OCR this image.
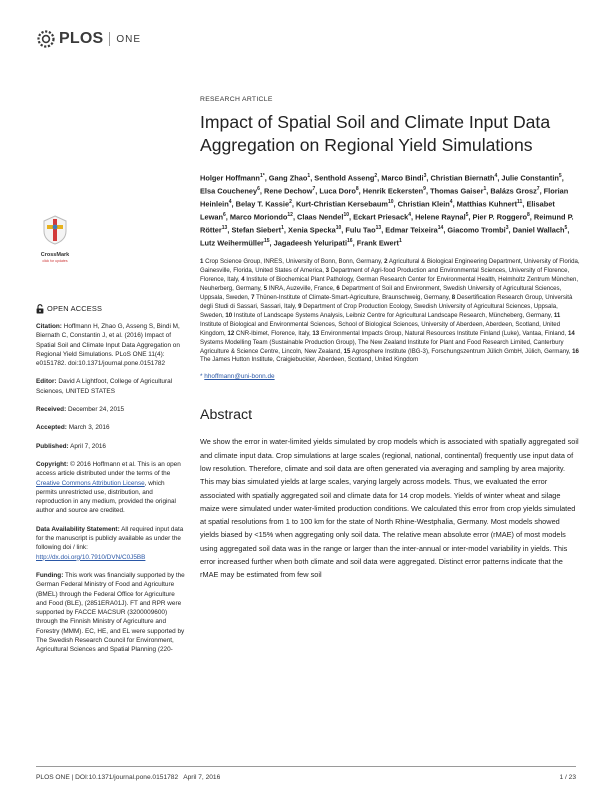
PLOS ONE
CrossMark
click for updates
OPEN ACCESS
Citation: Hoffmann H, Zhao G, Asseng S, Bindi M, Biernath C, Constantin J, et al. (2016) Impact of Spatial Soil and Climate Input Data Aggregation on Regional Yield Simulations. PLoS ONE 11(4): e0151782. doi:10.1371/journal.pone.0151782
Editor: David A Lightfoot, College of Agricultural Sciences, UNITED STATES
Received: December 24, 2015
Accepted: March 3, 2016
Published: April 7, 2016
Copyright: © 2016 Hoffmann et al. This is an open access article distributed under the terms of the Creative Commons Attribution License, which permits unrestricted use, distribution, and reproduction in any medium, provided the original author and source are credited.
Data Availability Statement: All required input data for the manuscript is publicly available as under the following doi / link: http://dx.doi.org/10.7910/DVN/C0J5BB
Funding: This work was financially supported by the German Federal Ministry of Food and Agriculture (BMEL) through the Federal Office for Agriculture and Food (BLE), (2851ERA01J). FT and RPR were supported by FACCE MACSUR (3200009600) through the Finnish Ministry of Agriculture and Forestry (MMM). EC, HE, and EL were supported by The Swedish Research Council for Environment, Agricultural Sciences and Spatial Planning (220-
RESEARCH ARTICLE
Impact of Spatial Soil and Climate Input Data Aggregation on Regional Yield Simulations
Holger Hoffmann$^{1*}$, Gang Zhao$^1$, Senthold Asseng$^2$, Marco Bindi$^3$, Christian Biernath$^4$, Julie Constantin$^5$, Elsa Coucheney$^6$, Rene Dechow$^7$, Luca Doro$^8$, Henrik Eckersten$^9$, Thomas Gaiser$^1$, Balázs Grosz$^7$, Florian Heinlein$^4$, Belay T. Kassie$^2$, Kurt-Christian Kersebaum$^{10}$, Christian Klein$^4$, Matthias Kuhnert$^{11}$, Elisabet Lewan$^6$, Marco Moriondo$^{12}$, Claas Nendel$^{10}$, Eckart Priesack$^4$, Helene Raynal$^5$, Pier P. Roggero$^8$, Reimund P. Rötter$^{13}$, Stefan Siebert$^1$, Xenia Specka$^{10}$, Fulu Tao$^{13}$, Edmar Teixeira$^{14}$, Giacomo Trombi$^3$, Daniel Wallach$^5$, Lutz Weihermüller$^{15}$, Jagadeesh Yeluripati$^{16}$, Frank Ewert$^1$
1 Crop Science Group, INRES, University of Bonn, Bonn, Germany, 2 Agricultural & Biological Engineering Department, University of Florida, Gainesville, Florida, United States of America, 3 Department of Agri-food Production and Environmental Sciences, University of Florence, Florence, Italy, 4 Institute of Biochemical Plant Pathology, German Research Center for Environmental Health, Helmholtz Zentrum München, Neuherberg, Germany, 5 INRA, Auzeville, France, 6 Department of Soil and Environment, Swedish University of Agricultural Sciences, Uppsala, Sweden, 7 Thünen-Institute of Climate-Smart-Agriculture, Braunschweig, Germany, 8 Desertification Research Group, Università degli Studi di Sassari, Sassari, Italy, 9 Department of Crop Production Ecology, Swedish University of Agricultural Sciences, Uppsala, Sweden, 10 Institute of Landscape Systems Analysis, Leibniz Centre for Agricultural Landscape Research, Müncheberg, Germany, 11 Institute of Biological and Environmental Sciences, School of Biological Sciences, University of Aberdeen, Aberdeen, Scotland, United Kingdom, 12 CNR-Ibimet, Florence, Italy, 13 Environmental Impacts Group, Natural Resources Institute Finland (Luke), Vantaa, Finland, 14 Systems Modelling Team (Sustainable Production Group), The New Zealand Institute for Plant and Food Research Limited, Canterbury Agriculture & Science Centre, Lincoln, New Zealand, 15 Agrosphere Institute (IBG-3), Forschungszentrum Jülich GmbH, Jülich, Germany, 16 The James Hutton Institute, Craigiebuckler, Aberdeen, Scotland, United Kingdom
* hhoffmann@uni-bonn.de
Abstract
We show the error in water-limited yields simulated by crop models which is associated with spatially aggregated soil and climate input data. Crop simulations at large scales (regional, national, continental) frequently use input data of low resolution. Therefore, climate and soil data are often generated via averaging and sampling by area majority. This may bias simulated yields at large scales, varying largely across models. Thus, we evaluated the error associated with spatially aggregated soil and climate data for 14 crop models. Yields of winter wheat and silage maize were simulated under water-limited production conditions. We calculated this error from crop yields simulated at spatial resolutions from 1 to 100 km for the state of North Rhine-Westphalia, Germany. Most models showed yields biased by <15% when aggregating only soil data. The relative mean absolute error (rMAE) of most models using aggregated soil data was in the range or larger than the inter-annual or inter-model variability in yields. This error increased further when both climate and soil data were aggregated. Distinct error patterns indicate that the rMAE may be estimated from few soil
PLOS ONE | DOI:10.1371/journal.pone.0151782   April 7, 2016	1 / 23
